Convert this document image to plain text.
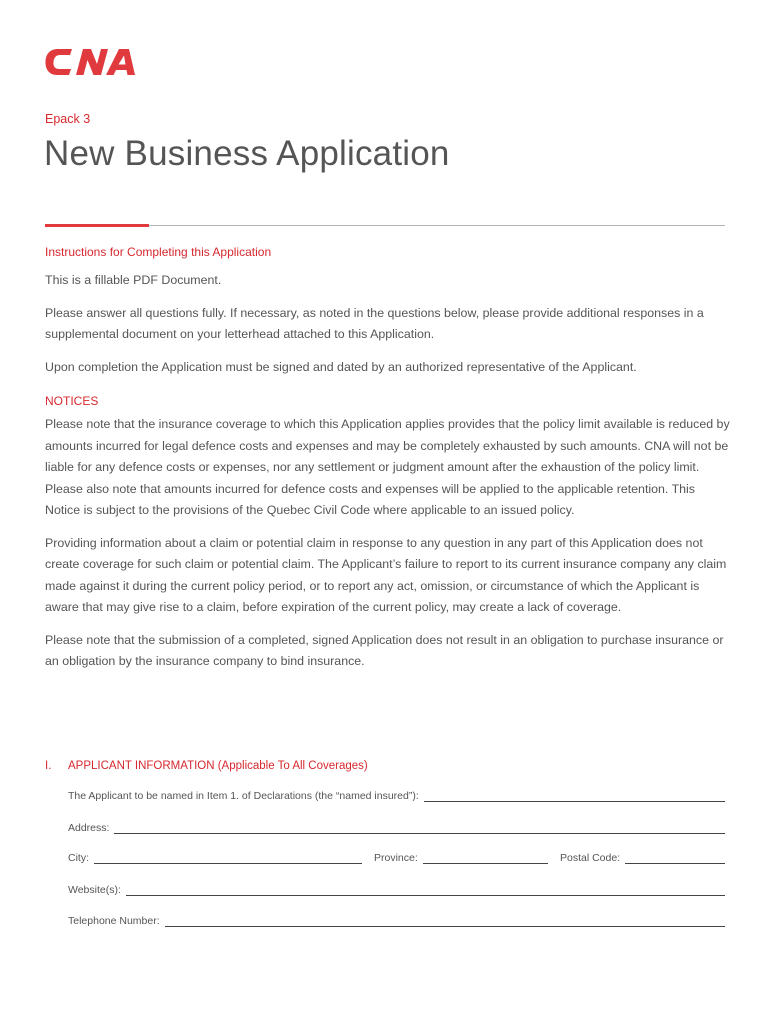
Epack 3
New Business Application
Instructions for Completing this Application

This is a fillable PDF Document.

Please answer all questions fully. If necessary, as noted in the questions below, please provide additional responses in a supplemental document on your letterhead attached to this Application.

Upon completion the Application must be signed and dated by an authorized representative of the Applicant.

NOTICES

Please note that the insurance coverage to which this Application applies provides that the policy limit available is reduced by amounts incurred for legal defence costs and expenses and may be completely exhausted by such amounts. CNA will not be liable for any defence costs or expenses, nor any settlement or judgment amount after the exhaustion of the policy limit. Please also note that amounts incurred for defence costs and expenses will be applied to the applicable retention. This Notice is subject to the provisions of the Quebec Civil Code where applicable to an issued policy.

Providing information about a claim or potential claim in response to any question in any part of this Application does not create coverage for such claim or potential claim. The Applicant’s failure to report to its current insurance company any claim made against it during the current policy period, or to report any act, omission, or circumstance of which the Applicant is aware that may give rise to a claim, before expiration of the current policy, may create a lack of coverage.

Please note that the submission of a completed, signed Application does not result in an obligation to purchase insurance or an obligation by the insurance company to bind insurance.

I. APPLICANT INFORMATION (Applicable To All Coverages)
The Applicant to be named in Item 1. of Declarations (the “named insured”):
Address:
City:	Province:	Postal Code:
Website(s):
Telephone Number:
